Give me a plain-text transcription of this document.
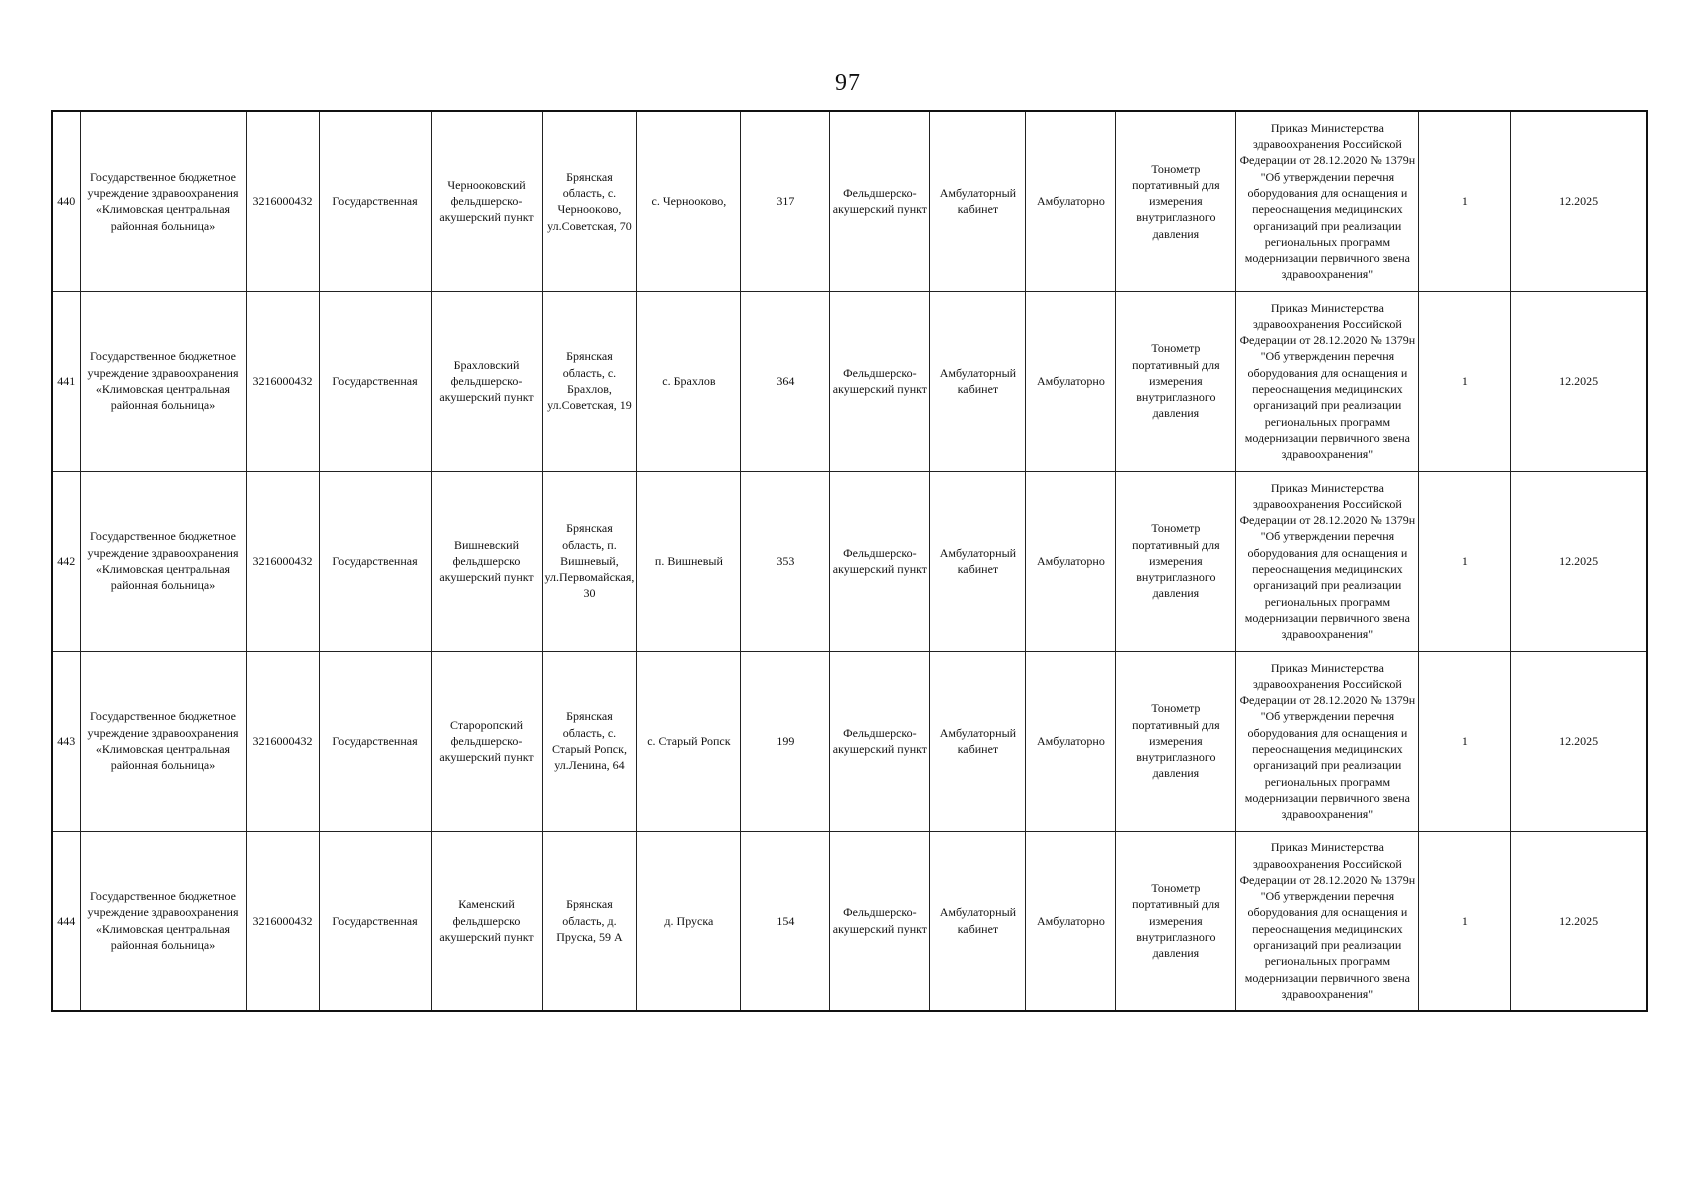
97
440	Государственное бюджетное учреждение здравоохранения «Климовская центральная районная больница»	3216000432	Государственная	Чернооковский фельдшерско-акушерский пункт	Брянская область, с. Черноокoво, ул.Советская, 70	с. Чернооково,	317	Фельдшерско-акушерский пункт	Амбулаторный кабинет	Амбулаторно	Тонометр портативный для измерения внутриглазного давления	Приказ Министерства здравоохранения Российской Федерации от 28.12.2020 № 1379н "Об утверждении перечня оборудования для оснащения и переоснащения медицинских организаций при реализации региональных программ модернизации первичного звена здравоохранения"	1	12.2025
441	Государственное бюджетное учреждение здравоохранения «Климовская центральная районная больница»	3216000432	Государственная	Брахловский фельдшерско-акушерский пункт	Брянская область, с. Брахлов, ул.Советская, 19	с. Брахлов	364	Фельдшерско-акушерский пункт	Амбулаторный кабинет	Амбулаторно	Тонометр портативный для измерения внутриглазного давления	Приказ Министерства здравоохранения Российской Федерации от 28.12.2020 № 1379н "Об утвержденин перечня оборудования для оснащения и переоснащения медицинских организаций при реализации региональных программ модернизации первичного звена здравоохранения"	1	12.2025
442	Государственное бюджетное учреждение здравоохранения «Климовская центральная районная больница»	3216000432	Государственная	Вишневский фельдшерско акушерский пункт	Брянская область, п. Вишневый, ул.Первомайская, 30	п. Вишневый	353	Фельдшерско-акушерский пункт	Амбулаторный кабинет	Амбулаторно	Тонометр портативный для измерения внутриглазного давления	Приказ Министерства здравоохранения Российской Федерации от 28.12.2020 № 1379н "Об утверждении перечня оборудования для оснащения и переоснащения медицинских организаций при реализации региональных программ модернизации первичного звена здравоохранения"	1	12.2025
443	Государственное бюджетное учреждение здравоохранения «Климовская центральная районная больница»	3216000432	Государственная	Староропский фельдшерско-акушерский пункт	Брянская область, с. Старый Ропск, ул.Ленина, 64	с. Старый Ропск	199	Фельдшерско-акушерский пункт	Амбулаторный кабинет	Амбулаторно	Тонометр портативный для измерения внутриглазного давления	Приказ Министерства здравоохранения Российской Федерации от 28.12.2020 № 1379н "Об утверждении перечня оборудования для оснащения и переоснащения медицинских организаций при реализации региональных программ модернизации первичного звена здравоохранения"	1	12.2025
444	Государственное бюджетное учреждение здравоохранения «Климовская центральная районная больница»	3216000432	Государственная	Каменский фельдшерско акушерский пункт	Брянская область, д. Пруска, 59 А	д. Пруска	154	Фельдшерско-акушерский пункт	Амбулаторный кабинет	Амбулаторно	Тонометр портативный для измерения внутриглазного давления	Приказ Министерства здравоохранения Российской Федерации от 28.12.2020 № 1379н "Об утверждении перечня оборудования для оснащения и переоснащения медицинских организаций при реализации региональных программ модернизации первичного звена здравоохранения"	1	12.2025
